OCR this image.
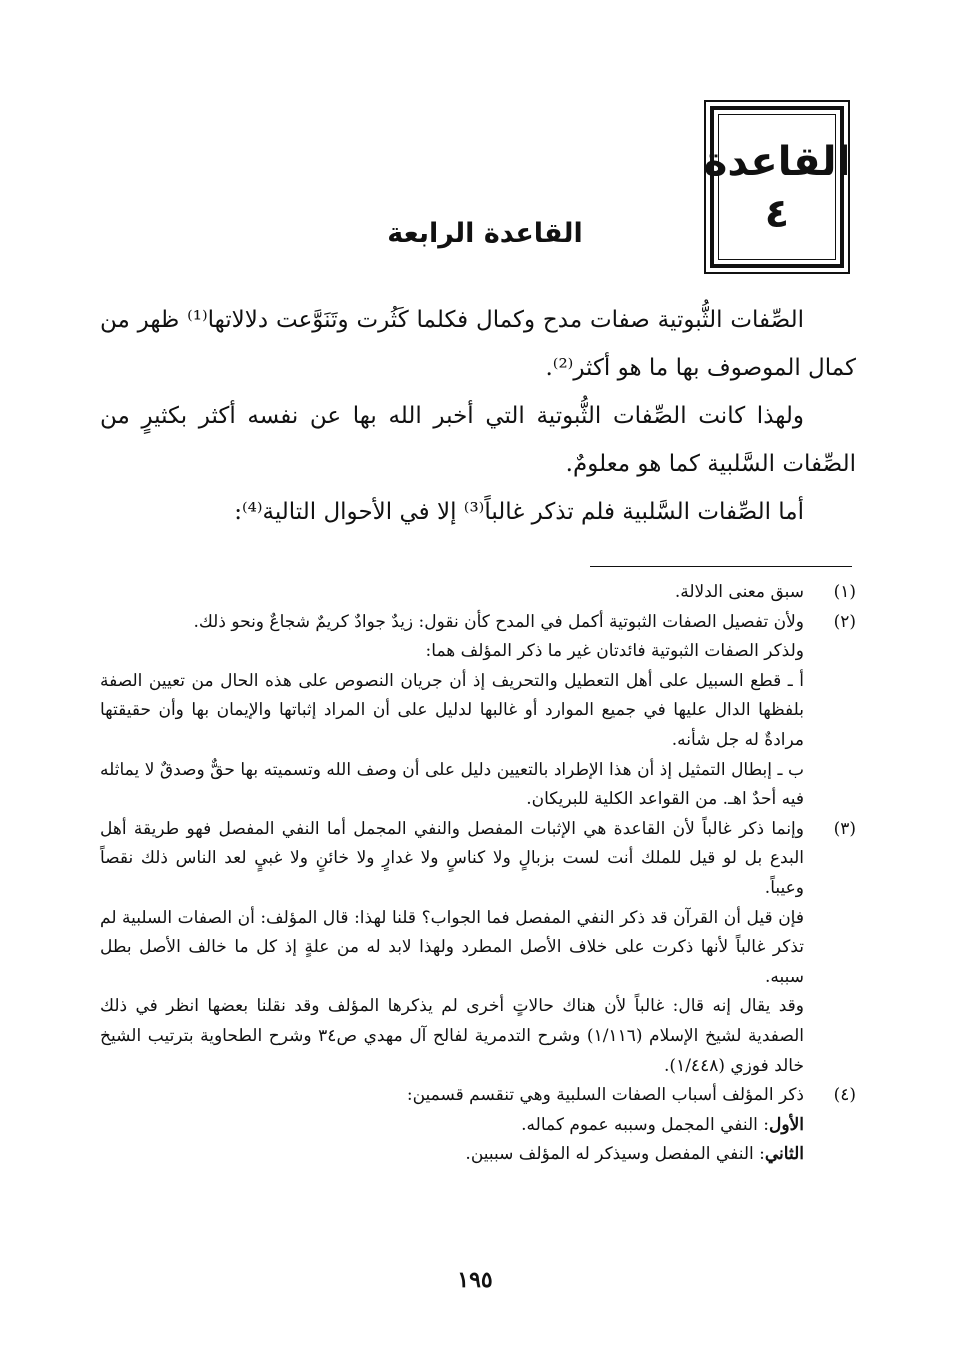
القاعدة
٤
القاعدة الرابعة

الصِّفات الثُّبوتية صفات مدح وكمال فكلما كَثُرت وتَنَوَّعت دلالاتها⁽¹⁾ ظهر من كمال الموصوف بها ما هو أكثر⁽²⁾.

ولهذا كانت الصِّفات الثُّبوتية التي أخبر الله بها عن نفسه أكثر بكثيرٍ من الصِّفات السَّلبية كما هو معلومٌ.

أما الصِّفات السَّلبية فلم تذكر غالباً⁽³⁾ إلا في الأحوال التالية⁽⁴⁾:

(١)
سبق معنى الدلالة.
(٢)
ولأن تفصيل الصفات الثبوتية أكمل في المدح كأن نقول: زيدٌ جوادٌ كريمٌ شجاعٌ ونحو ذلك.
ولذكر الصفات الثبوتية فائدتان غير ما ذكر المؤلف هما:
أ ـ قطع السبيل على أهل التعطيل والتحريف إذ أن جريان النصوص على هذه الحال من تعيين الصفة بلفظها الدال عليها في جميع الموارد أو غالبها لدليل على أن المراد إثباتها والإيمان بها وأن حقيقتها مرادةٌ له جل شأنه.
ب ـ إبطال التمثيل إذ أن هذا الإطراد بالتعيين دليل على أن وصف الله وتسميته بها حقٌّ وصدقٌ لا يماثله فيه أحدٌ اهـ. من القواعد الكلية للبريكان.
(٣)
وإنما ذكر غالباً لأن القاعدة هي الإثبات المفصل والنفي المجمل أما النفي المفصل فهو طريقة أهل البدع بل لو قيل للملك أنت لست بزبالٍ ولا كناسٍ ولا غدارٍ ولا خائنٍ ولا غبيٍ لعد الناس ذلك نقصاً وعيباً.
فإن قيل أن القرآن قد ذكر النفي المفصل فما الجواب؟ قلنا لهذا: قال المؤلف: أن الصفات السلبية لم تذكر غالباً لأنها ذكرت على خلاف الأصل المطرد ولهذا لابد له من علةٍ إذ كل ما خالف الأصل بطل سببه.
وقد يقال إنه قال: غالباً لأن هناك حالاتٍ أخرى لم يذكرها المؤلف وقد نقلنا بعضها انظر في ذلك الصفدية لشيخ الإسلام (١/١١٦) وشرح التدمرية لفالح آل مهدي ص٣٤ وشرح الطحاوية بترتيب الشيخ خالد فوزي (١/٤٤٨).
(٤)
ذكر المؤلف أسباب الصفات السلبية وهي تنقسم قسمين:
الأول: النفي المجمل وسببه عموم كماله.
الثاني: النفي المفصل وسيذكر له المؤلف سببين.
١٩٥
